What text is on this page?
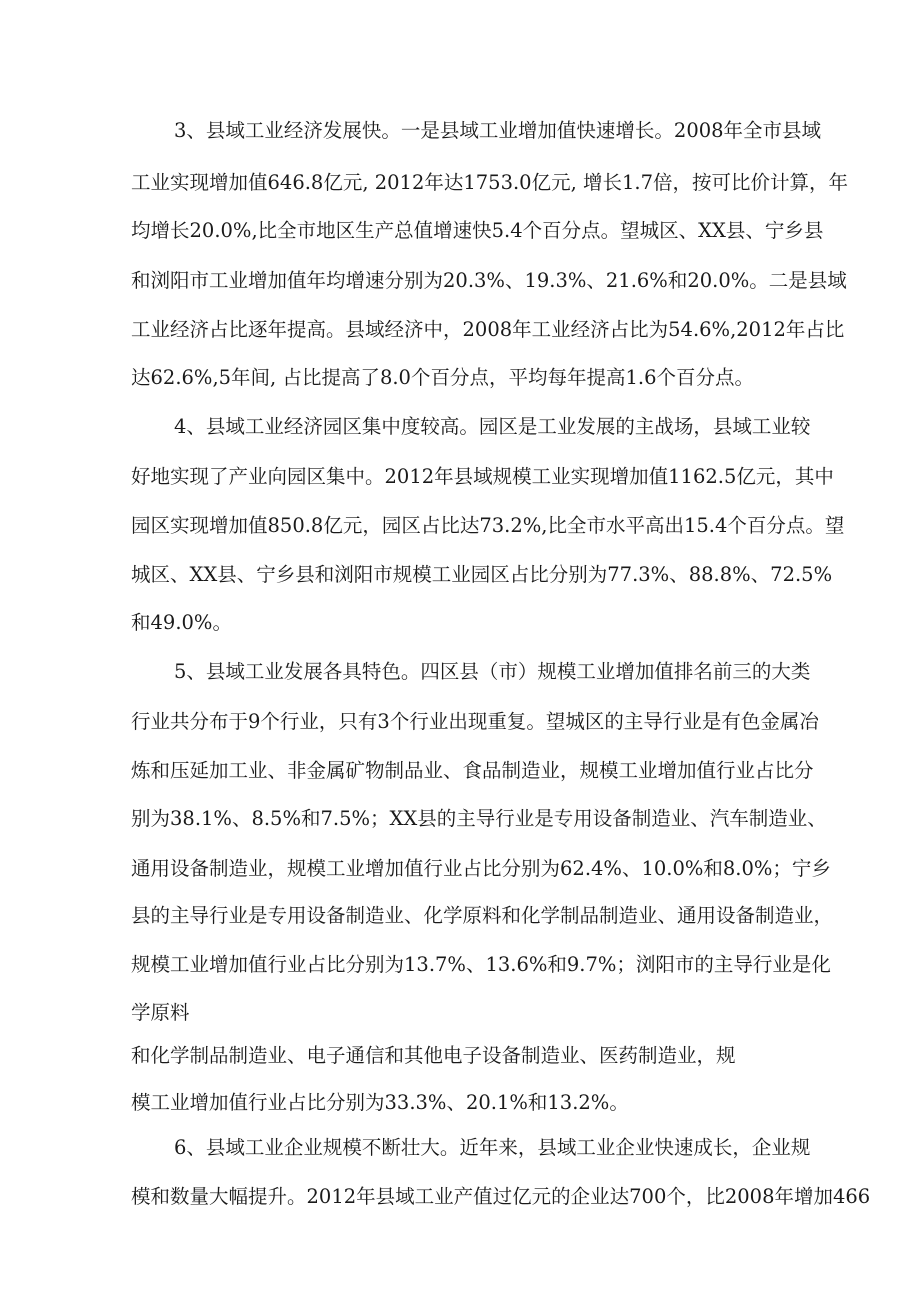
3、县域工业经济发展快。一是县域工业增加值快速增长。2008年全市县域
工业实现增加值646.8亿元, 2012年达1753.0亿元, 增长1.7倍，按可比价计算，年
均增长20.0%,比全市地区生产总值增速快5.4个百分点。望城区、XX县、宁乡县
和浏阳市工业增加值年均增速分别为20.3%、19.3%、21.6%和20.0%。二是县域
工业经济占比逐年提高。县域经济中，2008年工业经济占比为54.6%,2012年占比
达62.6%,5年间, 占比提高了8.0个百分点，平均每年提高1.6个百分点。
4、县域工业经济园区集中度较高。园区是工业发展的主战场，县域工业较
好地实现了产业向园区集中。2012年县域规模工业实现增加值1162.5亿元，其中
园区实现增加值850.8亿元，园区占比达73.2%,比全市水平高出15.4个百分点。望
城区、XX县、宁乡县和浏阳市规模工业园区占比分别为77.3%、88.8%、72.5%
和49.0%。
5、县域工业发展各具特色。四区县（市）规模工业增加值排名前三的大类
行业共分布于9个行业，只有3个行业出现重复。望城区的主导行业是有色金属冶
炼和压延加工业、非金属矿物制品业、食品制造业，规模工业增加值行业占比分
别为38.1%、8.5%和7.5%；XX县的主导行业是专用设备制造业、汽车制造业、
通用设备制造业，规模工业增加值行业占比分别为62.4%、10.0%和8.0%；宁乡
县的主导行业是专用设备制造业、化学原料和化学制品制造业、通用设备制造业，
规模工业增加值行业占比分别为13.7%、13.6%和9.7%；浏阳市的主导行业是化
学原料
和化学制品制造业、电子通信和其他电子设备制造业、医药制造业，规
模工业增加值行业占比分别为33.3%、20.1%和13.2%。
6、县域工业企业规模不断壮大。近年来，县域工业企业快速成长，企业规
模和数量大幅提升。2012年县域工业产值过亿元的企业达700个，比2008年增加466
